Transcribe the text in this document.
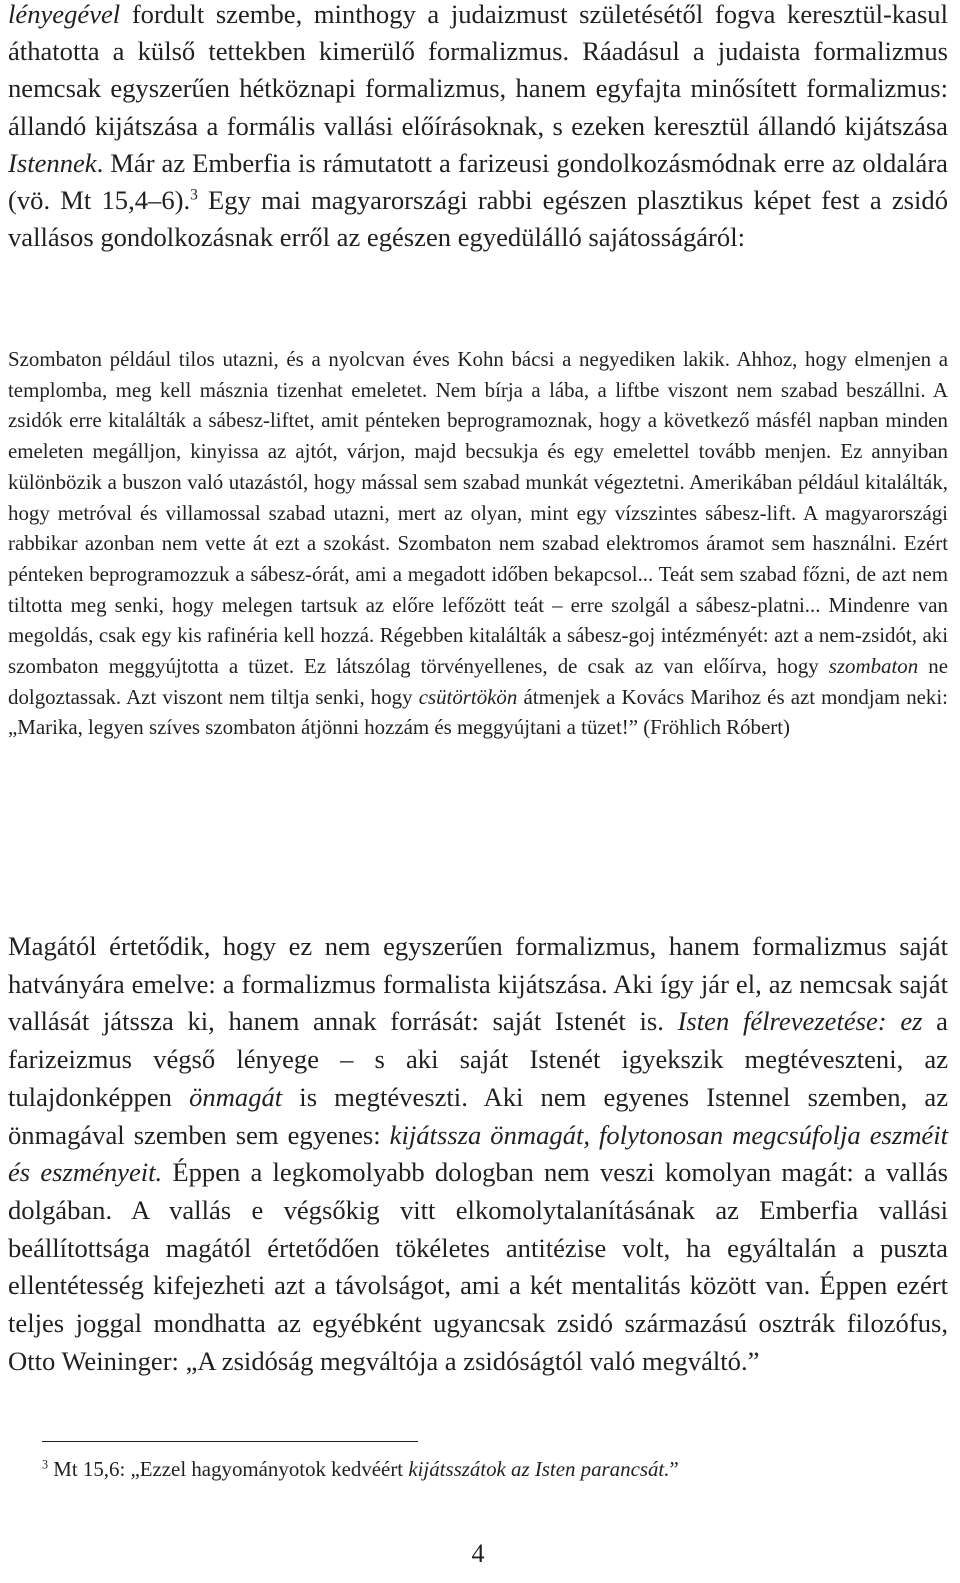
lényegével fordult szembe, minthogy a judaizmust születésétől fogva keresztül-kasul áthatotta a külső tettekben kimerülő formalizmus. Ráadásul a judaista formalizmus nemcsak egyszerűen hétköznapi formalizmus, hanem egyfajta minősített formalizmus: állandó kijátszása a formális vallási előírásoknak, s ezeken keresztül állandó kijátszása Istennek. Már az Emberfia is rámutatott a farizeusi gondolkozásmódnak erre az oldalára (vö. Mt 15,4–6).$^3$ Egy mai magyarországi rabbi egészen plasztikus képet fest a zsidó vallásos gondolkozásnak erről az egészen egyedülálló sajátosságáról:

Szombaton például tilos utazni, és a nyolcvan éves Kohn bácsi a negyediken lakik. Ahhoz, hogy elmenjen a templomba, meg kell másznia tizenhat emeletet. Nem bírja a lába, a liftbe viszont nem szabad beszállni. A zsidók erre kitalálták a sábesz-liftet, amit pénteken beprogramoznak, hogy a következő másfél napban minden emeleten megálljon, kinyissa az ajtót, várjon, majd becsukja és egy emelettel tovább menjen. Ez annyiban különbözik a buszon való utazástól, hogy mással sem szabad munkát végeztetni. Amerikában például kitalálták, hogy metróval és villamossal szabad utazni, mert az olyan, mint egy vízszintes sábesz-lift. A magyarországi rabbikar azonban nem vette át ezt a szokást. Szombaton nem szabad elektromos áramot sem használni. Ezért pénteken beprogramozzuk a sábesz-órát, ami a megadott időben bekapcsol... Teát sem szabad főzni, de azt nem tiltotta meg senki, hogy melegen tartsuk az előre lefőzött teát – erre szolgál a sábesz-platni... Mindenre van megoldás, csak egy kis rafinéria kell hozzá. Régebben kitalálták a sábesz-goj intézményét: azt a nem-zsidót, aki szombaton meggyújtotta a tüzet. Ez látszólag törvényellenes, de csak az van előírva, hogy szombaton ne dolgoztassak. Azt viszont nem tiltja senki, hogy csütörtökön átmenjek a Kovács Marihoz és azt mondjam neki: „Marika, legyen szíves szombaton átjönni hozzám és meggyújtani a tüzet!” (Fröhlich Róbert)

Magától értetődik, hogy ez nem egyszerűen formalizmus, hanem formalizmus saját hatványára emelve: a formalizmus formalista kijátszása. Aki így jár el, az nemcsak saját vallását játssza ki, hanem annak forrását: saját Istenét is. Isten félrevezetése: ez a farizeizmus végső lényege – s aki saját Istenét igyekszik megtéveszteni, az tulajdonképpen önmagát is megtéveszti. Aki nem egyenes Istennel szemben, az önmagával szemben sem egyenes: kijátssza önmagát, folytonosan megcsúfolja eszméit és eszményeit. Éppen a legkomolyabb dologban nem veszi komolyan magát: a vallás dolgában. A vallás e végsőkig vitt elkomolytalanításának az Emberfia vallási beállítottsága magától értetődően tökéletes antitézise volt, ha egyáltalán a puszta ellentétesség kifejezheti azt a távolságot, ami a két mentalitás között van. Éppen ezért teljes joggal mondhatta az egyébként ugyancsak zsidó származású osztrák filozófus, Otto Weininger: „A zsidóság megváltója a zsidóságtól való megváltó.”

$^3$ Mt 15,6: „Ezzel hagyományotok kedvéért kijátsszátok az Isten parancsát.”

4
